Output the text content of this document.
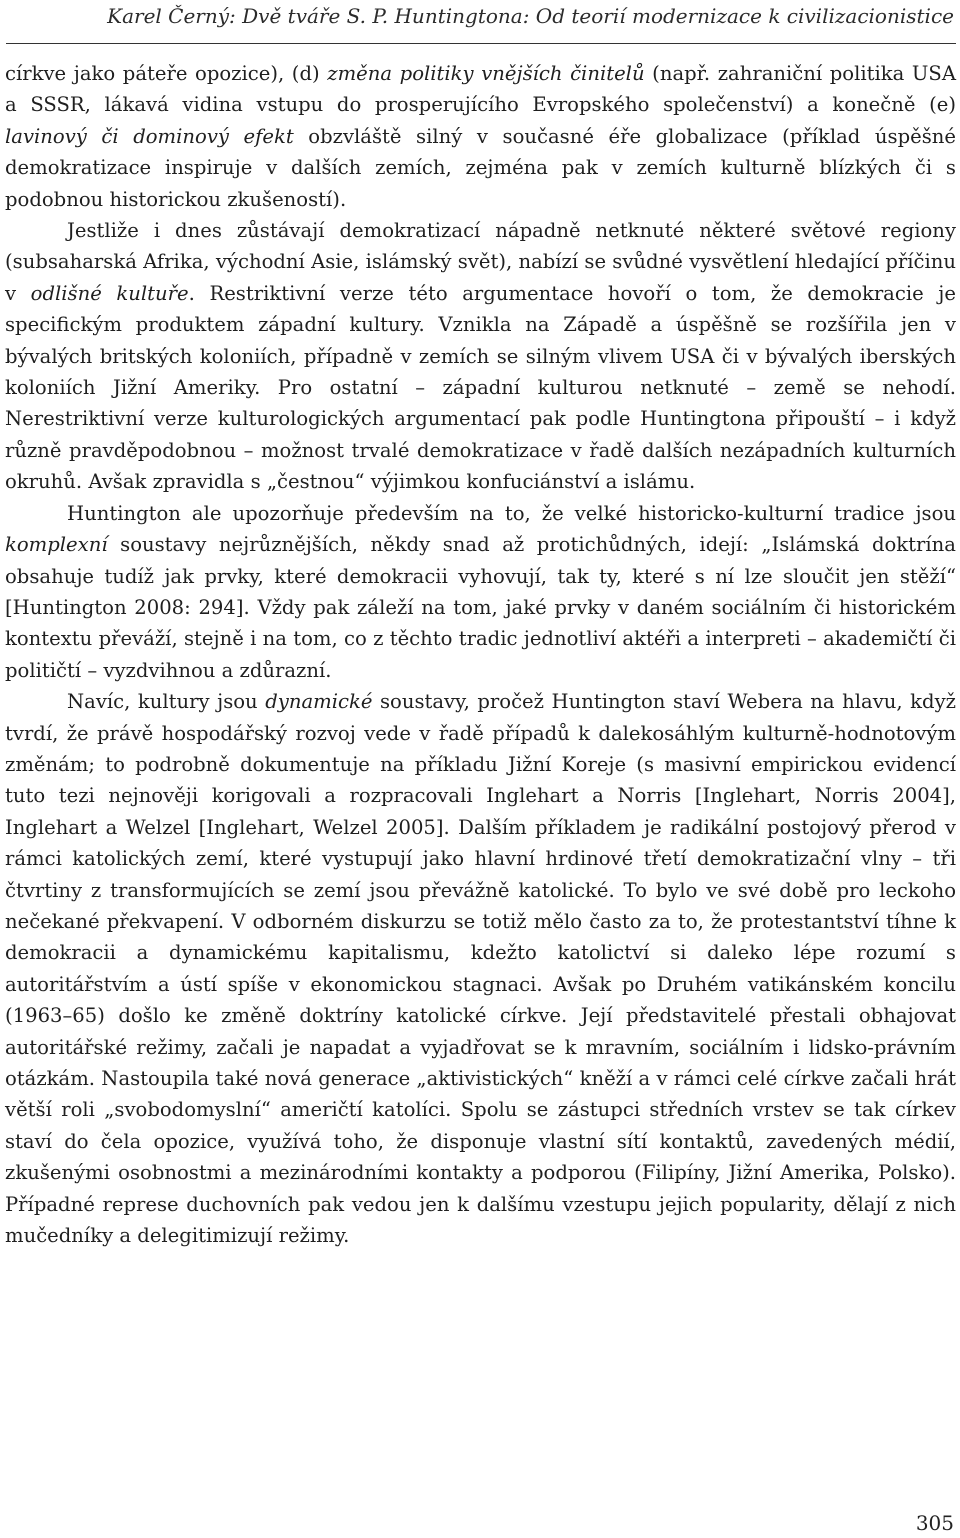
Karel Černý: Dvě tváře S. P. Huntingtona: Od teorií modernizace k civilizacionistice

církve jako páteře opozice), (d) změna politiky vnějších činitelů (např. zahraniční politika USA a SSSR, lákavá vidina vstupu do prosperujícího Evropského společenství) a konečně (e) lavinový či dominový efekt obzvláště silný v současné éře globalizace (příklad úspěšné demokratizace inspiruje v dalších zemích, zejména pak v zemích kulturně blízkých či s podobnou historickou zkušeností).

Jestliže i dnes zůstávají demokratizací nápadně netknuté některé světové regiony (subsaharská Afrika, východní Asie, islámský svět), nabízí se svůdné vysvětlení hledající příčinu v odlišné kultuře. Restriktivní verze této argumentace hovoří o tom, že demokracie je specifickým produktem západní kultury. Vznikla na Západě a úspěšně se rozšířila jen v bývalých britských koloniích, případně v zemích se silným vlivem USA či v bývalých iberských koloniích Jižní Ameriky. Pro ostatní – západní kulturou netknuté – země se nehodí. Nerestriktivní verze kulturologických argumentací pak podle Huntingtona připouští – i když různě pravděpodobnou – možnost trvalé demokratizace v řadě dalších nezápadních kulturních okruhů. Avšak zpravidla s „čestnou“ výjimkou konfuciánství a islámu.

Huntington ale upozorňuje především na to, že velké historicko-kulturní tradice jsou komplexní soustavy nejrůznějších, někdy snad až protichůdných, idejí: „Islámská doktrína obsahuje tudíž jak prvky, které demokracii vyhovují, tak ty, které s ní lze sloučit jen stěží“ [Huntington 2008: 294]. Vždy pak záleží na tom, jaké prvky v daném sociálním či historickém kontextu převáží, stejně i na tom, co z těchto tradic jednotliví aktéři a interpreti – akademičtí či političtí – vyzdvihnou a zdůrazní.

Navíc, kultury jsou dynamické soustavy, pročež Huntington staví Webera na hlavu, když tvrdí, že právě hospodářský rozvoj vede v řadě případů k dalekosáhlým kulturně-hodnotovým změnám; to podrobně dokumentuje na příkladu Jižní Koreje (s masivní empirickou evidencí tuto tezi nejnověji korigovali a rozpracovali Inglehart a Norris [Inglehart, Norris 2004], Inglehart a Welzel [Inglehart, Welzel 2005]. Dalším příkladem je radikální postojový přerod v rámci katolických zemí, které vystupují jako hlavní hrdinové třetí demokratizační vlny – tři čtvrtiny z transformujících se zemí jsou převážně katolické. To bylo ve své době pro leckoho nečekané překvapení. V odborném diskurzu se totiž mělo často za to, že protestantství tíhne k demokracii a dynamickému kapitalismu, kdežto katolictví si daleko lépe rozumí s autoritářstvím a ústí spíše v ekonomickou stagnaci. Avšak po Druhém vatikánském koncilu (1963–65) došlo ke změně doktríny katolické církve. Její představitelé přestali obhajovat autoritářské režimy, začali je napadat a vyjadřovat se k mravním, sociálním i lidsko-právním otázkám. Nastoupila také nová generace „aktivistických“ kněží a v rámci celé církve začali hrát větší roli „svobodomyslní“ američtí katolíci. Spolu se zástupci středních vrstev se tak církev staví do čela opozice, využívá toho, že disponuje vlastní sítí kontaktů, zavedených médií, zkušenými osobnostmi a mezinárodními kontakty a podporou (Filipíny, Jižní Amerika, Polsko). Případné represe duchovních pak vedou jen k dalšímu vzestupu jejich popularity, dělají z nich mučedníky a delegitimizují režimy.

305
